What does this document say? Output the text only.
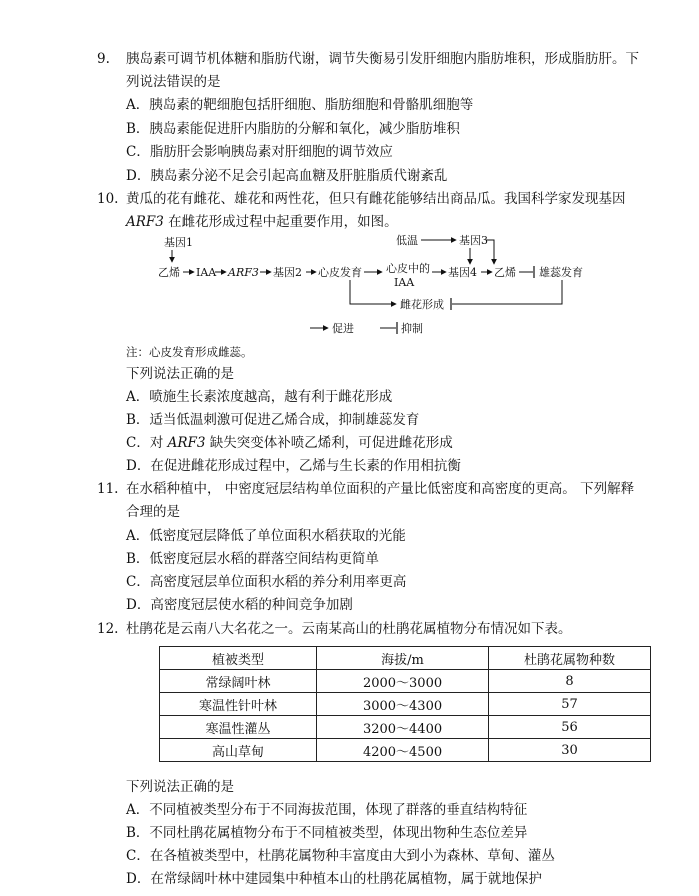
9. 胰岛素可调节机体糖和脂肪代谢，调节失衡易引发肝细胞内脂肪堆积，形成脂肪肝。下
列说法错误的是
A．胰岛素的靶细胞包括肝细胞、脂肪细胞和骨骼肌细胞等
B．胰岛素能促进肝内脂肪的分解和氧化，减少脂肪堆积
C．脂肪肝会影响胰岛素对肝细胞的调节效应
D．胰岛素分泌不足会引起高血糖及肝脏脂质代谢紊乱
10. 黄瓜的花有雌花、雄花和两性花，但只有雌花能够结出商品瓜。我国科学家发现基因
ARF3 在雌花形成过程中起重要作用，如图。
基因1	低温	基因3
乙烯 IAA ARF3 基因2 心皮发育 心皮中的
IAA
基因4 乙烯 雄蕊发育
雌花形成
促进	抑制
注：心皮发育形成雌蕊。
下列说法正确的是
A．喷施生长素浓度越高，越有利于雌花形成
B．适当低温刺激可促进乙烯合成，抑制雄蕊发育
C．对 ARF3 缺失突变体补喷乙烯利，可促进雌花形成
D．在促进雌花形成过程中，乙烯与生长素的作用相抗衡
11. 在水稻种植中， 中密度冠层结构单位面积的产量比低密度和高密度的更高。 下列解释
合理的是
A．低密度冠层降低了单位面积水稻获取的光能
B．低密度冠层水稻的群落空间结构更简单
C．高密度冠层单位面积水稻的养分利用率更高
D．高密度冠层使水稻的种间竞争加剧
12. 杜鹃花是云南八大名花之一。云南某高山的杜鹃花属植物分布情况如下表。
植被类型	海拔/m	杜鹃花属物种数
常绿阔叶林	2000～3000	8
寒温性针叶林	3000～4300	57
寒温性灌丛	3200～4400	56
高山草甸	4200～4500	30
下列说法正确的是
A．不同植被类型分布于不同海拔范围，体现了群落的垂直结构特征
B．不同杜鹃花属植物分布于不同植被类型，体现出物种生态位差异
C．在各植被类型中，杜鹃花属物种丰富度由大到小为森林、草甸、灌丛
D．在常绿阔叶林中建园集中种植本山的杜鹃花属植物，属于就地保护
